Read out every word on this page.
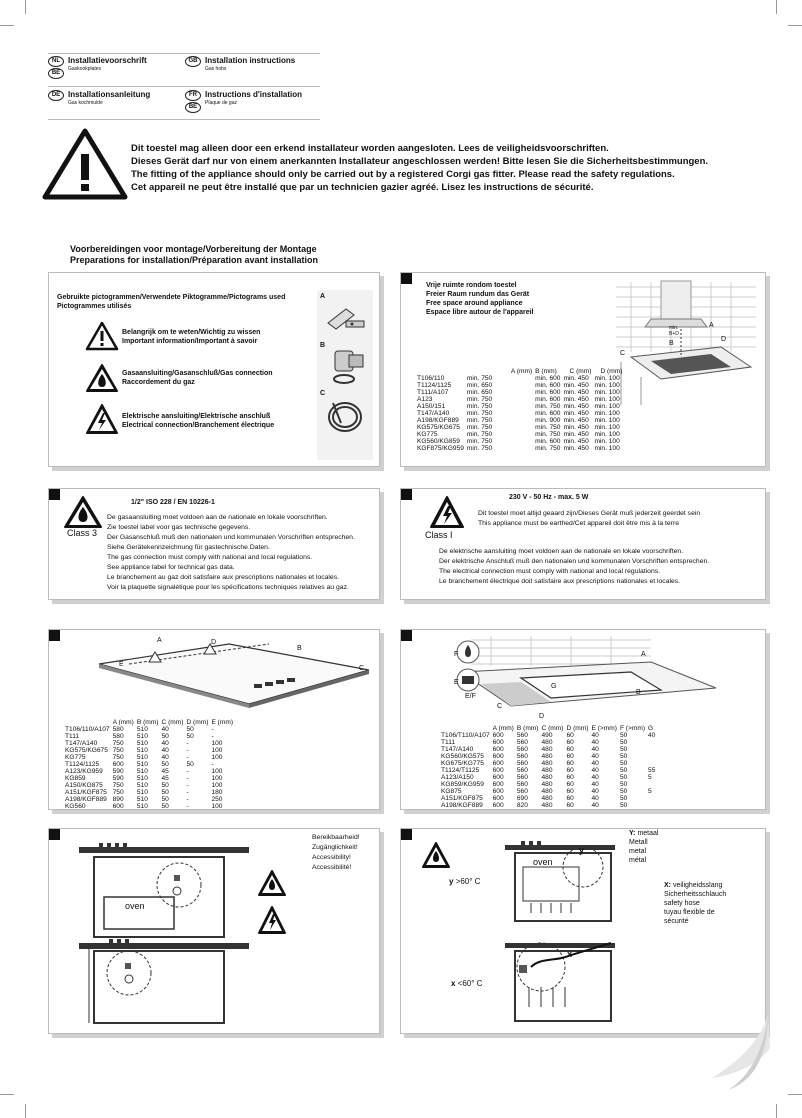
NL
BE
Installatievoorschrift
Gaskookplates
GB Installation instructions
Gas hobs
DE Installationsanleitung
Gas kochmulde
FR
BE
Instructions d'installation
Plaque de gaz
Dit toestel mag alleen door een erkend installateur worden aangesloten. Lees de veiligheidsvoorschriften.
Dieses Gerät darf nur von einem anerkannten Installateur angeschlossen werden! Bitte lesen Sie die Sicherheitsbestimmungen.
The fitting of the appliance should only be carried out by a registered Corgi gas fitter. Please read the safety regulations.
Cet appareil ne peut être installé que par un technicien gazier agréé. Lisez les instructions de sécurité.
Voorbereidingen voor montage/Vorbereitung der Montage
Preparations for installation/Préparation avant installation
Gebruikte pictogrammen/Verwendete Piktogramme/Pictograms used
Pictogrammes utilisés
Belangrijk om te weten/Wichtig zu wissen
Important information/Important à savoir
Gasaansluiting/Gasanschluß/Gas connection
Raccordement du gaz
Elektrische aansluiting/Elektrische anschluß
Electrical connection/Branchement électrique
A
B
C
Vrije ruimte rondom toestel
Freier Raum rundum das Gerät
Free space around appliance
Espace libre autour de l'appareil
A
B
C
D
min.
B+D
	A (mm)	B (mm)	C (mm)	D (mm)
T106/110	min. 750	min. 600	min. 450	min. 100
T1124/1125	min. 650	min. 600	min. 450	min. 100
T111/A107	min. 650	min. 600	min. 450	min. 100
A123	min. 750	min. 600	min. 450	min. 100
A150/151	min. 750	min. 750	min. 450	min. 100
T147/A140	min. 750	min. 600	min. 450	min. 100
A198/KGF889	min. 750	min. 900	min. 450	min. 100
KG575/KG675	min. 750	min. 750	min. 450	min. 100
KG775	min. 750	min. 750	min. 450	min. 100
KG560/KG859	min. 750	min. 600	min. 450	min. 100
KGF875/KG959	min. 750	min. 750	min. 450	min. 100
Class 3
1/2" ISO 228 / EN 10226-1
De gasaansluiting moet voldoen aan de nationale en lokale voorschriften.
Zie toestel label voor gas technische gegevens.
Der Gasanschluß muß den nationalen und kommunalen Vorschriften entsprechen.
Siehe Gerätekennzeichnung für gastechnische Daten.
The gas connection must comply with national and local regulations.
See appliance label for technical gas data.
Le branchement au gaz doit satisfaire aux prescriptions nationales et locales.
Voir la plaquette signalétique pour les spécifications techniques relatives au gaz.
Class I
230 V - 50 Hz - max. 5 W
Dit toestel moet altijd geaard zijn/Dieses Gerät muß jederzeit geerdet sein
This appliance must be earthed/Cet appareil doit être mis à la terre
De elektrische aansluiting moet voldoen aan de nationale en lokale voorschriften.
Der elektrische Anschluß muß den nationalen und kommunalen Vorschriften entsprechen.
The electrical connection must comply with national and local regulations.
Le branchement électrique doit satisfaire aux prescriptions nationales et locales.
A
B
C
D
E
	A (mm)	B (mm)	C (mm)	D (mm)	E (mm)
T106/110/A107	580	510	40	50	-
T111	580	510	50	50	-
T147/A140	750	510	40	-	100
KG575/KG675	750	510	40	-	100
KG775	750	510	40	-	100
T1124/1125	600	510	50	50	-
A123/KG959	590	510	45	-	100
KG859	590	510	45	-	100
A150/KG875	750	510	50	-	100
A151/KGF875	750	510	50	-	180
A198/KGF889	890	510	50	-	250
KG560	600	510	50	-	100
A
B
C
D
E
F
G
E/F
	A (mm)	B (mm)	C (mm)	D (mm)	E (>mm)	F (>mm)	G
T106/T110/A107	600	560	490	60	40	50	40
T111	600	560	480	60	40	50	
T147/A140	600	560	480	60	40	50	
KG560/KG575	600	560	480	60	40	50	
KG675/KG775	600	560	480	60	40	50	
T1124/T1125	600	560	480	60	40	50	55
A123/A150	600	560	480	60	40	50	5
KG859/KG959	600	560	480	60	40	50	
KG875	600	560	480	60	40	50	5
A151/KGF875	600	690	480	60	40	50	
A198/KGF889	600	820	480	60	40	50	
oven
Bereikbaarheid!
Zugänglichkeit!
Accessibility!
Accessibilité!
oven
y >60° C
x <60° C
y
x
Y: metaal
Metall
metal
métal
X: veiligheidsslang
Sicherheitsschlauch
safety hose
tuyau flexible de
sécurité
